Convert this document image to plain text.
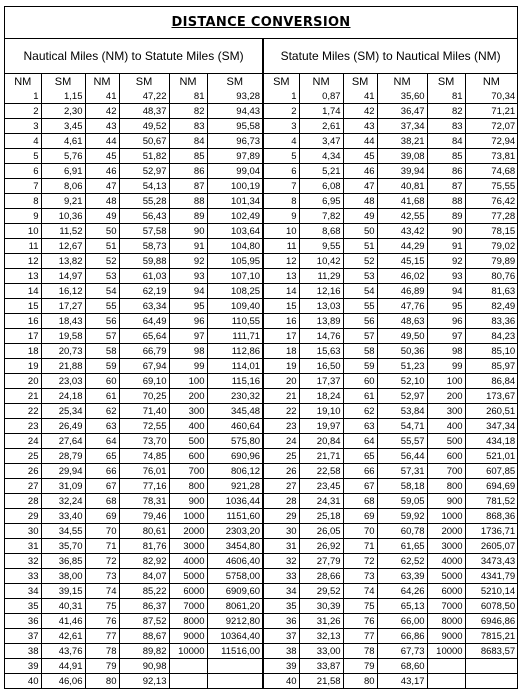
DISTANCE CONVERSION
Nautical Miles (NM) to Statute Miles (SM)						Statute Miles (SM) to Nautical Miles (NM)					
NM	SM	NM	SM	NM	SM	SM	NM	SM	NM	SM	NM
1	1,15	41	47,22	81	93,28	1	0,87	41	35,60	81	70,34
2	2,30	42	48,37	82	94,43	2	1,74	42	36,47	82	71,21
3	3,45	43	49,52	83	95,58	3	2,61	43	37,34	83	72,07
4	4,61	44	50,67	84	96,73	4	3,47	44	38,21	84	72,94
5	5,76	45	51,82	85	97,89	5	4,34	45	39,08	85	73,81
6	6,91	46	52,97	86	99,04	6	5,21	46	39,94	86	74,68
7	8,06	47	54,13	87	100,19	7	6,08	47	40,81	87	75,55
8	9,21	48	55,28	88	101,34	8	6,95	48	41,68	88	76,42
9	10,36	49	56,43	89	102,49	9	7,82	49	42,55	89	77,28
10	11,52	50	57,58	90	103,64	10	8,68	50	43,42	90	78,15
11	12,67	51	58,73	91	104,80	11	9,55	51	44,29	91	79,02
12	13,82	52	59,88	92	105,95	12	10,42	52	45,15	92	79,89
13	14,97	53	61,03	93	107,10	13	11,29	53	46,02	93	80,76
14	16,12	54	62,19	94	108,25	14	12,16	54	46,89	94	81,63
15	17,27	55	63,34	95	109,40	15	13,03	55	47,76	95	82,49
16	18,43	56	64,49	96	110,55	16	13,89	56	48,63	96	83,36
17	19,58	57	65,64	97	111,71	17	14,76	57	49,50	97	84,23
18	20,73	58	66,79	98	112,86	18	15,63	58	50,36	98	85,10
19	21,88	59	67,94	99	114,01	19	16,50	59	51,23	99	85,97
20	23,03	60	69,10	100	115,16	20	17,37	60	52,10	100	86,84
21	24,18	61	70,25	200	230,32	21	18,24	61	52,97	200	173,67
22	25,34	62	71,40	300	345,48	22	19,10	62	53,84	300	260,51
23	26,49	63	72,55	400	460,64	23	19,97	63	54,71	400	347,34
24	27,64	64	73,70	500	575,80	24	20,84	64	55,57	500	434,18
25	28,79	65	74,85	600	690,96	25	21,71	65	56,44	600	521,01
26	29,94	66	76,01	700	806,12	26	22,58	66	57,31	700	607,85
27	31,09	67	77,16	800	921,28	27	23,45	67	58,18	800	694,69
28	32,24	68	78,31	900	1036,44	28	24,31	68	59,05	900	781,52
29	33,40	69	79,46	1000	1151,60	29	25,18	69	59,92	1000	868,36
30	34,55	70	80,61	2000	2303,20	30	26,05	70	60,78	2000	1736,71
31	35,70	71	81,76	3000	3454,80	31	26,92	71	61,65	3000	2605,07
32	36,85	72	82,92	4000	4606,40	32	27,79	72	62,52	4000	3473,43
33	38,00	73	84,07	5000	5758,00	33	28,66	73	63,39	5000	4341,79
34	39,15	74	85,22	6000	6909,60	34	29,52	74	64,26	6000	5210,14
35	40,31	75	86,37	7000	8061,20	35	30,39	75	65,13	7000	6078,50
36	41,46	76	87,52	8000	9212,80	36	31,26	76	66,00	8000	6946,86
37	42,61	77	88,67	9000	10364,40	37	32,13	77	66,86	9000	7815,21
38	43,76	78	89,82	10000	11516,00	38	33,00	78	67,73	10000	8683,57
39	44,91	79	90,98			39	33,87	79	68,60		
40	46,06	80	92,13			40	21,58	80	43,17		
